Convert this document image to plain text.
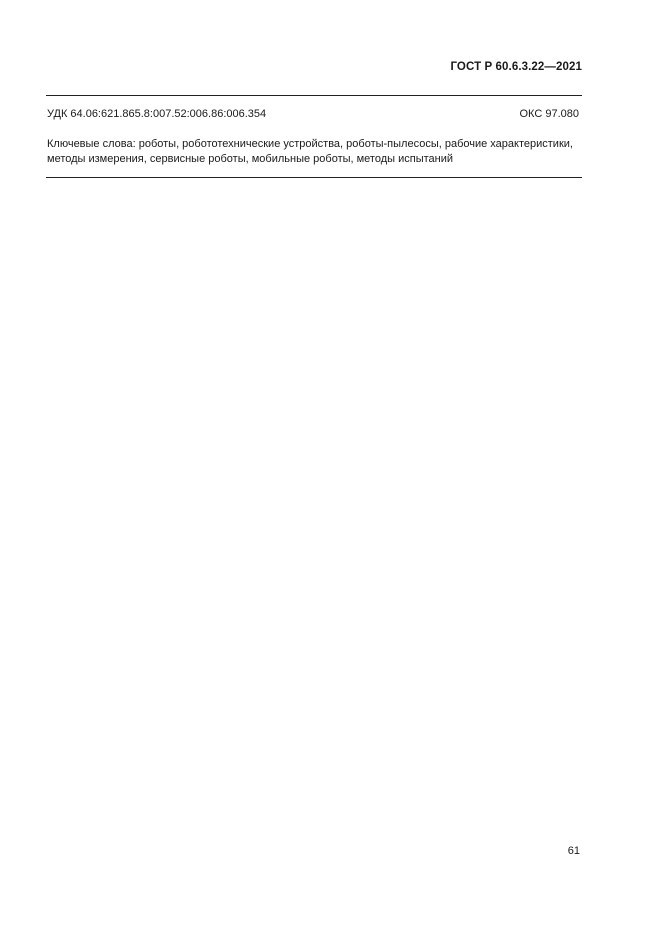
ГОСТ Р 60.6.3.22—2021
УДК 64.06:621.865.8:007.52:006.86:006.354	ОКС 97.080
Ключевые слова: роботы, робототехнические устройства, роботы-пылесосы, рабочие характеристики,
методы измерения, сервисные роботы, мобильные роботы, методы испытаний
61
